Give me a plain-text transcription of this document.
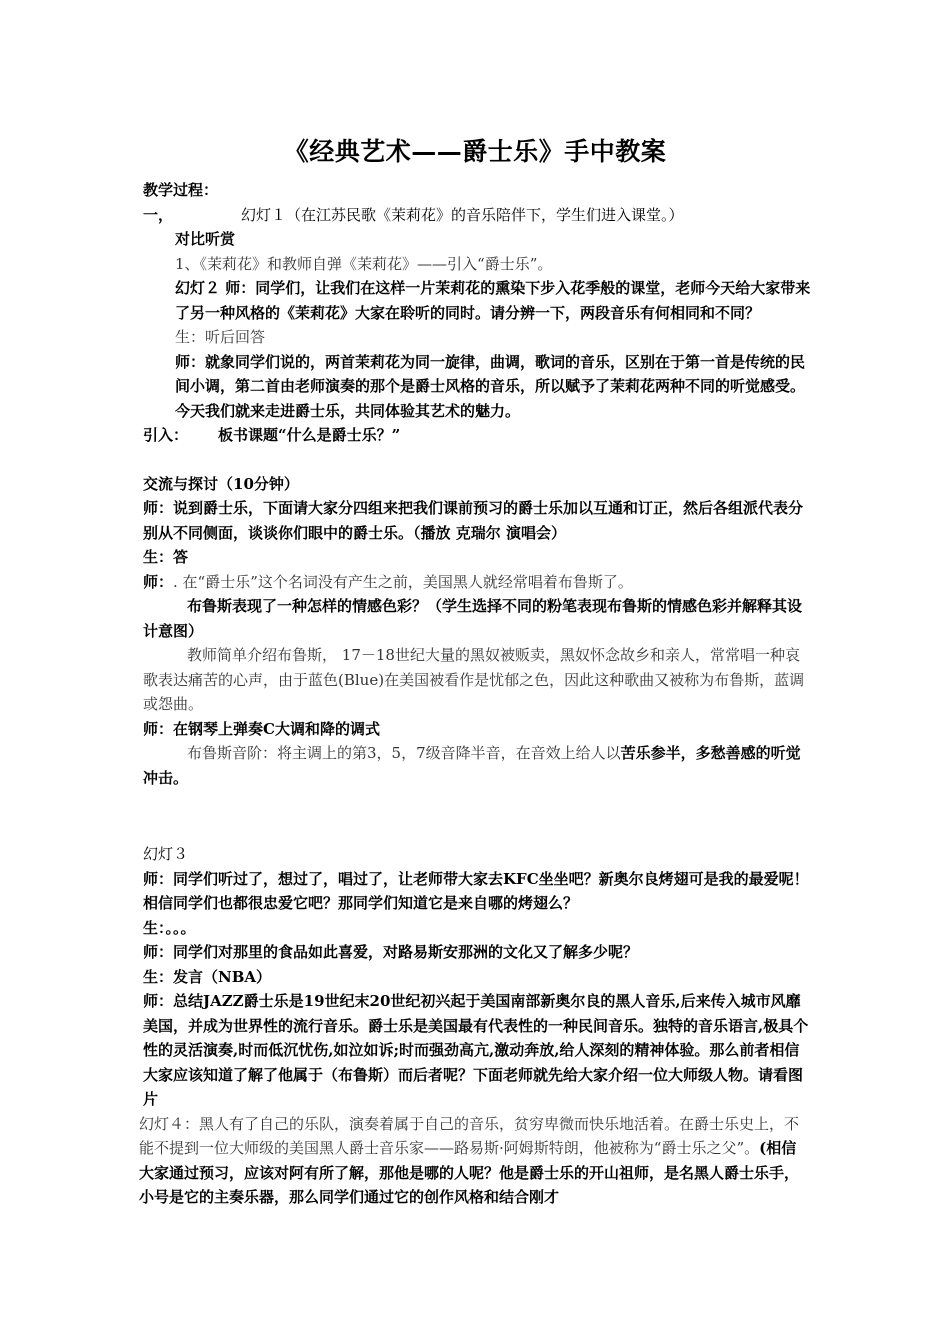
《经典艺术——爵士乐》手中教案

教学过程：

一，	幻灯１（在江苏民歌《茉莉花》的音乐陪伴下，学生们进入课堂。）

对比听赏

1、《茉莉花》和教师自弹《茉莉花》——引入“爵士乐”。

幻灯２ 师：同学们，让我们在这样一片茉莉花的熏染下步入花季般的课堂，老师今天给大家带来了另一种风格的《茉莉花》大家在聆听的同时。请分辨一下，两段音乐有何相同和不同？

生：听后回答

师：就象同学们说的，两首茉莉花为同一旋律，曲调，歌词的音乐，区别在于第一首是传统的民间小调，第二首由老师演奏的那个是爵士风格的音乐，所以赋予了茉莉花两种不同的听觉感受。今天我们就来走进爵士乐，共同体验其艺术的魅力。

引入： 板书课题“什么是爵士乐？”

交流与探讨（10分钟）

师：说到爵士乐，下面请大家分四组来把我们课前预习的爵士乐加以互通和订正，然后各组派代表分别从不同侧面，谈谈你们眼中的爵士乐。（播放 克瑞尔 演唱会）

生：答

师：. 在“爵士乐”这个名词没有产生之前，美国黑人就经常唱着布鲁斯了。

布鲁斯表现了一种怎样的情感色彩？（学生选择不同的粉笔表现布鲁斯的情感色彩并解释其设计意图）

教师简单介绍布鲁斯， 17－18世纪大量的黑奴被贩卖，黑奴怀念故乡和亲人，常常唱一种哀歌表达痛苦的心声，由于蓝色(Blue)在美国被看作是忧郁之色，因此这种歌曲又被称为布鲁斯，蓝调或怨曲。

师：在钢琴上弹奏C大调和降的调式

布鲁斯音阶：将主调上的第3，5，7级音降半音，在音效上给人以苦乐参半，多愁善感的听觉冲击。

幻灯３

师：同学们听过了，想过了，唱过了，让老师带大家去KFC坐坐吧？新奥尔良烤翅可是我的最爱呢！相信同学们也都很忠爱它吧？那同学们知道它是来自哪的烤翅么？

生：。。。

师：同学们对那里的食品如此喜爱，对路易斯安那洲的文化又了解多少呢？

生：发言（NBA）

师：总结JAZZ爵士乐是19世纪末20世纪初兴起于美国南部新奥尔良的黑人音乐,后来传入城市风靡美国，并成为世界性的流行音乐。爵士乐是美国最有代表性的一种民间音乐。独特的音乐语言,极具个性的灵活演奏,时而低沉忧伤,如泣如诉;时而强劲高亢,激动奔放,给人深刻的精神体验。那么前者相信大家应该知道了解了他属于（布鲁斯）而后者呢？下面老师就先给大家介绍一位大师级人物。请看图片

幻灯４：黑人有了自己的乐队，演奏着属于自己的音乐，贫穷卑微而快乐地活着。在爵士乐史上，不能不提到一位大师级的美国黑人爵士音乐家——路易斯·阿姆斯特朗，他被称为“爵士乐之父”。(相信大家通过预习，应该对阿有所了解，那他是哪的人呢？他是爵士乐的开山祖师，是名黑人爵士乐手，小号是它的主奏乐器，那么同学们通过它的创作风格和结合刚才
